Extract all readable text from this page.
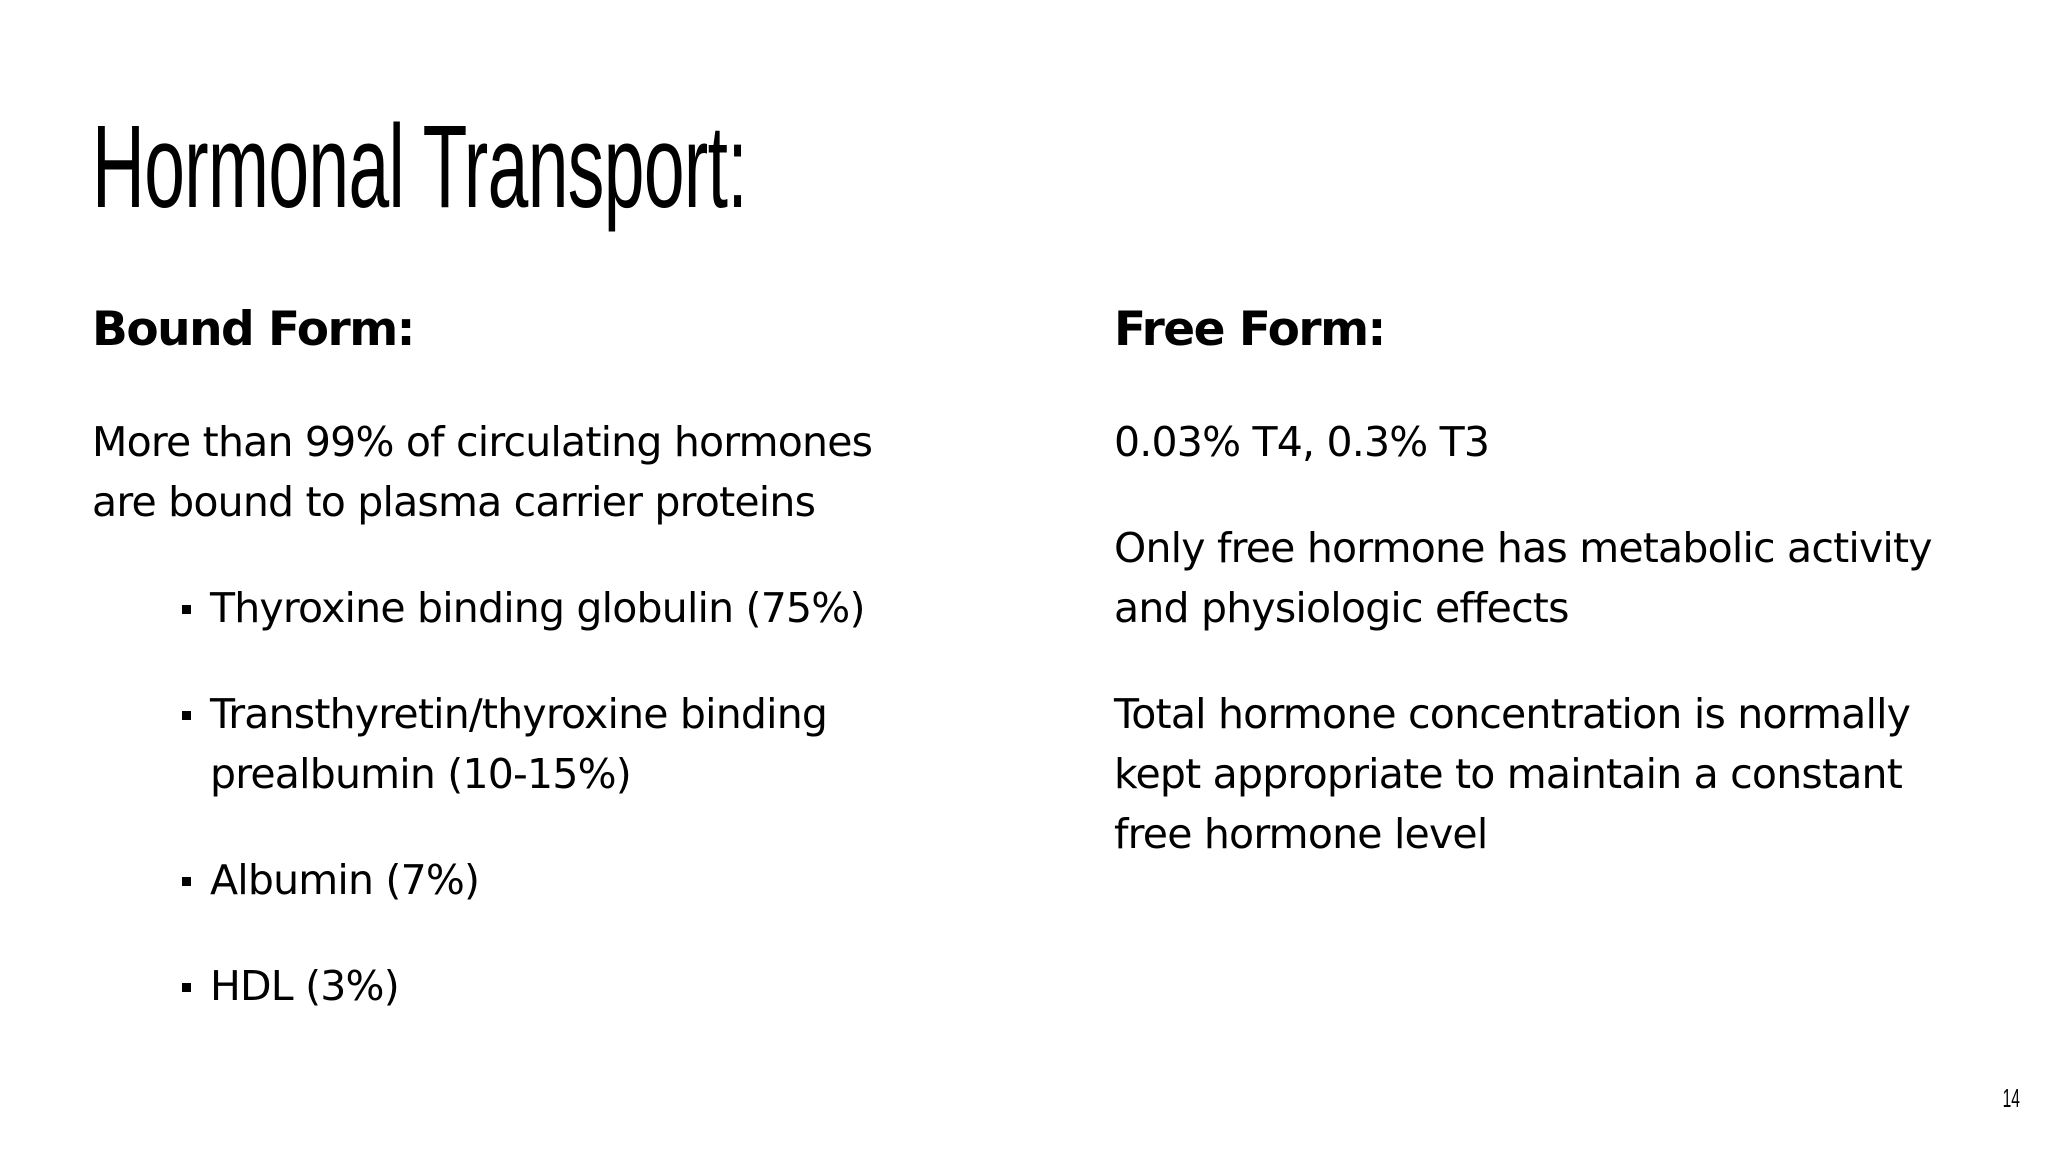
Hormonal Transport:
Bound Form:

More than 99% of circulating hormones are bound to plasma carrier proteins

Thyroxine binding globulin (75%)
Transthyretin/thyroxine binding prealbumin (10-15%)
Albumin (7%)
HDL (3%)
Free Form:

0.03% T4, 0.3% T3

Only free hormone has metabolic activity and physiologic effects

Total hormone concentration is normally kept appropriate to maintain a constant free hormone level

14
